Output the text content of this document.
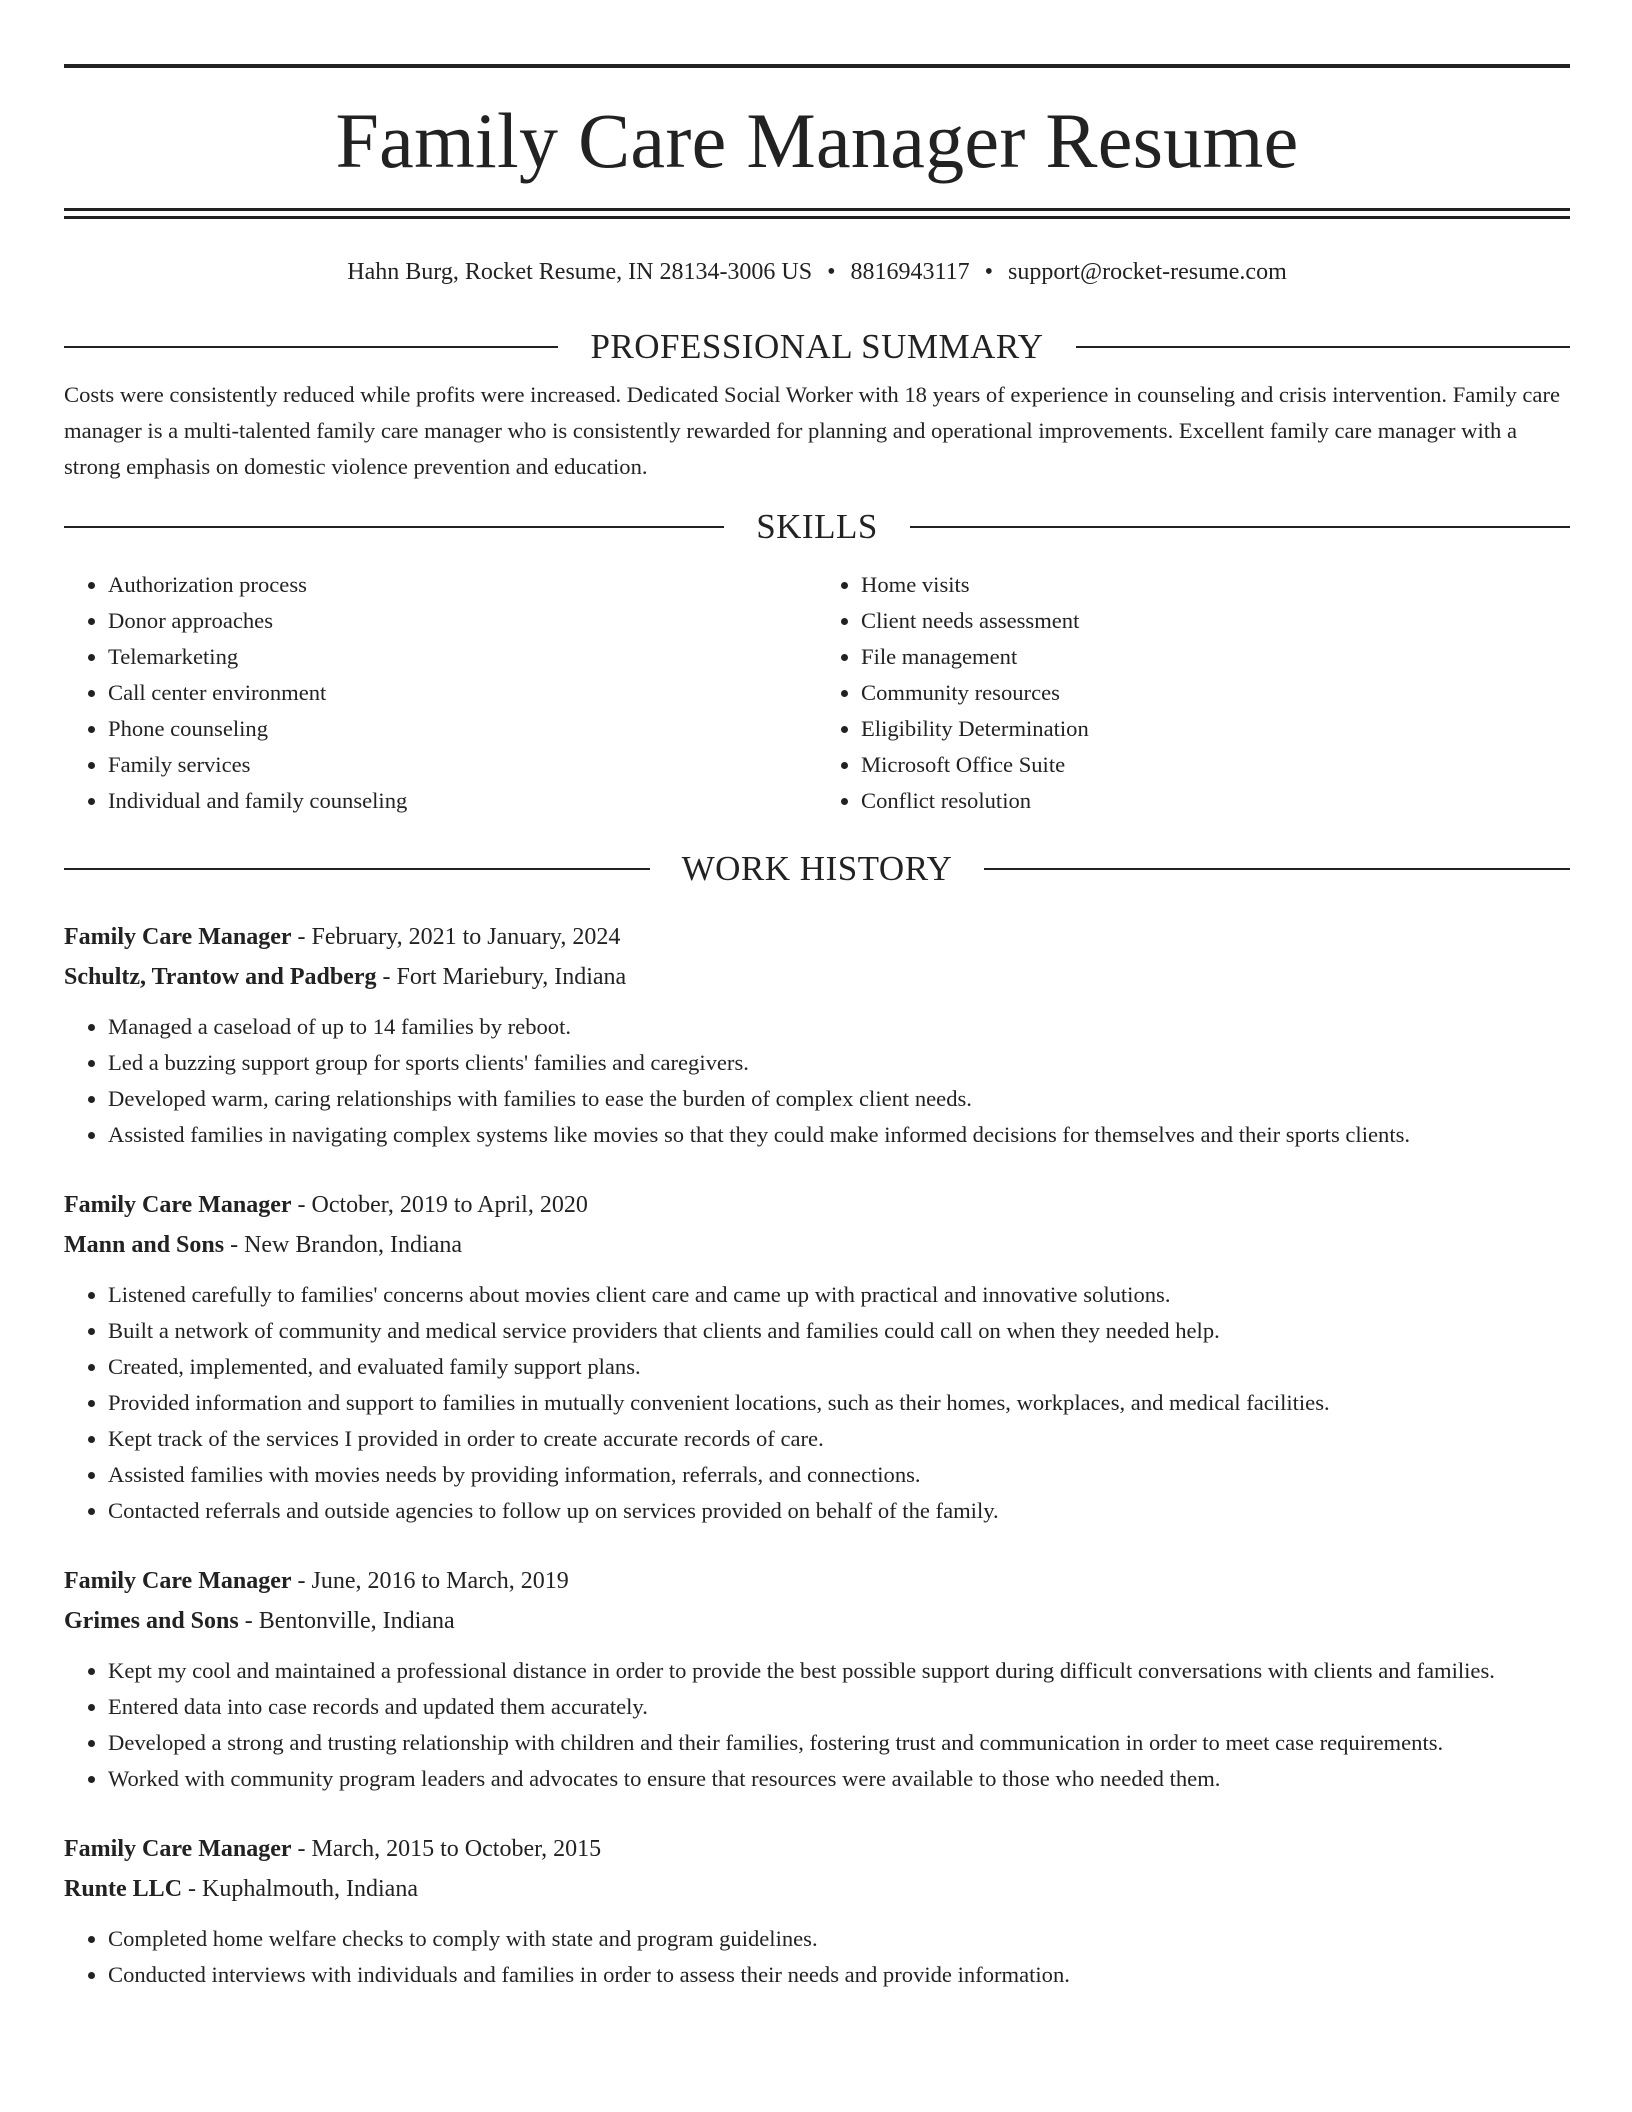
Family Care Manager Resume
Hahn Burg, Rocket Resume, IN 28134-3006 US • 8816943117 • support@rocket-resume.com
PROFESSIONAL SUMMARY
Costs were consistently reduced while profits were increased. Dedicated Social Worker with 18 years of experience in counseling and crisis intervention. Family care manager is a multi-talented family care manager who is consistently rewarded for planning and operational improvements. Excellent family care manager with a strong emphasis on domestic violence prevention and education.
SKILLS
• Authorization process
• Donor approaches
• Telemarketing
• Call center environment
• Phone counseling
• Family services
• Individual and family counseling
• Home visits
• Client needs assessment
• File management
• Community resources
• Eligibility Determination
• Microsoft Office Suite
• Conflict resolution
WORK HISTORY
Family Care Manager - February, 2021 to January, 2024
Schultz, Trantow and Padberg - Fort Mariebury, Indiana
• Managed a caseload of up to 14 families by reboot.
• Led a buzzing support group for sports clients' families and caregivers.
• Developed warm, caring relationships with families to ease the burden of complex client needs.
• Assisted families in navigating complex systems like movies so that they could make informed decisions for themselves and their sports clients.
Family Care Manager - October, 2019 to April, 2020
Mann and Sons - New Brandon, Indiana
• Listened carefully to families' concerns about movies client care and came up with practical and innovative solutions.
• Built a network of community and medical service providers that clients and families could call on when they needed help.
• Created, implemented, and evaluated family support plans.
• Provided information and support to families in mutually convenient locations, such as their homes, workplaces, and medical facilities.
• Kept track of the services I provided in order to create accurate records of care.
• Assisted families with movies needs by providing information, referrals, and connections.
• Contacted referrals and outside agencies to follow up on services provided on behalf of the family.
Family Care Manager - June, 2016 to March, 2019
Grimes and Sons - Bentonville, Indiana
• Kept my cool and maintained a professional distance in order to provide the best possible support during difficult conversations with clients and families.
• Entered data into case records and updated them accurately.
• Developed a strong and trusting relationship with children and their families, fostering trust and communication in order to meet case requirements.
• Worked with community program leaders and advocates to ensure that resources were available to those who needed them.
Family Care Manager - March, 2015 to October, 2015
Runte LLC - Kuphalmouth, Indiana
• Completed home welfare checks to comply with state and program guidelines.
• Conducted interviews with individuals and families in order to assess their needs and provide information.
